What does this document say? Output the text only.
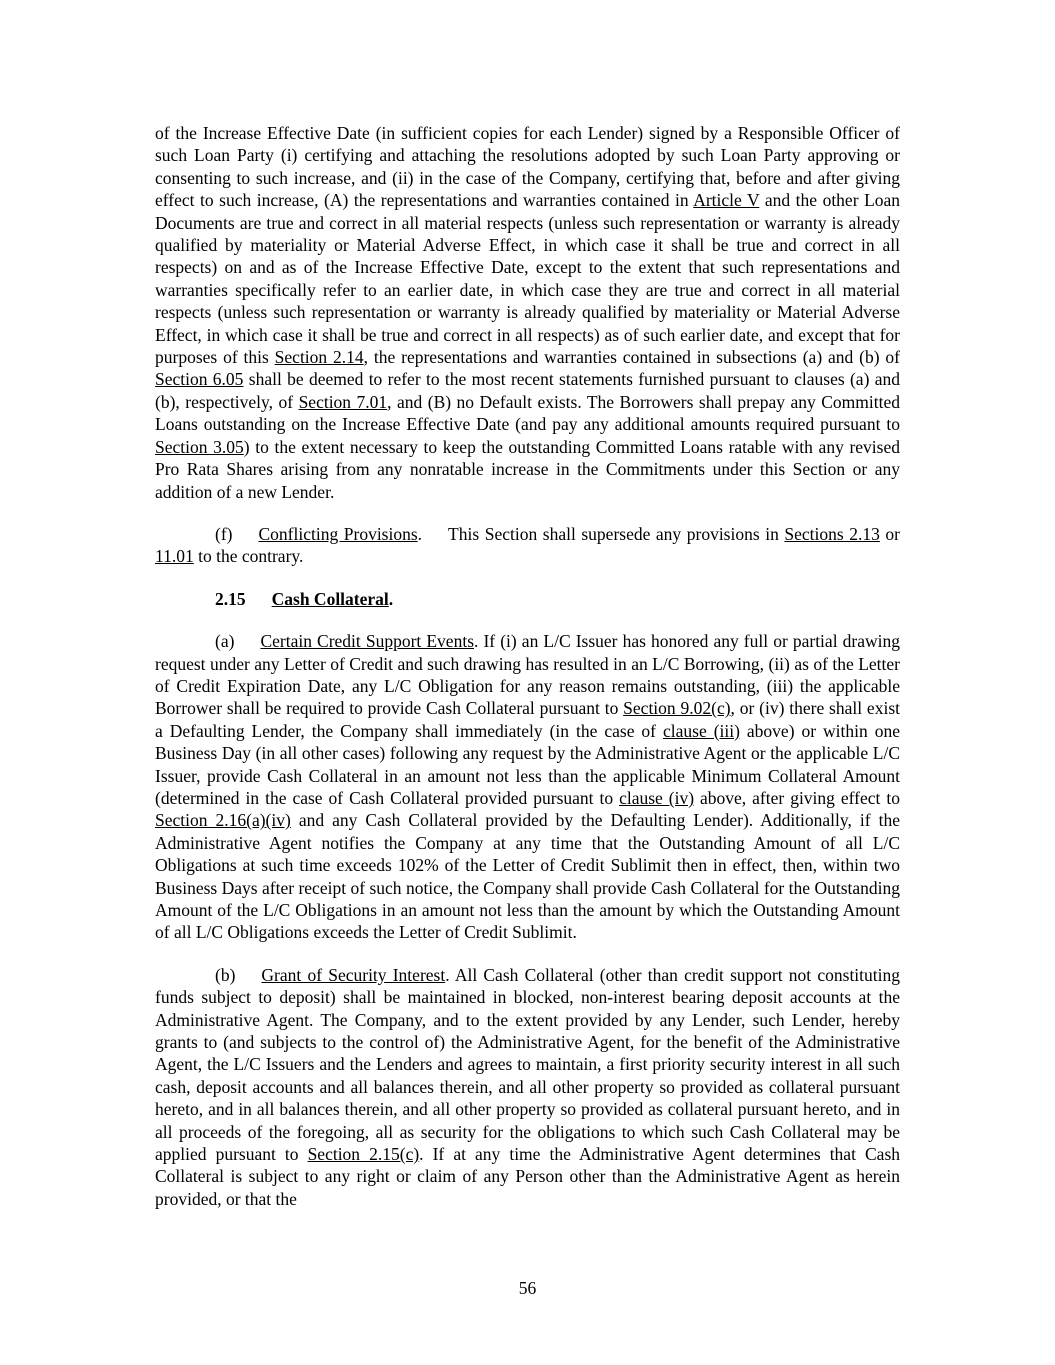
of the Increase Effective Date (in sufficient copies for each Lender) signed by a Responsible Officer of such Loan Party (i) certifying and attaching the resolutions adopted by such Loan Party approving or consenting to such increase, and (ii) in the case of the Company, certifying that, before and after giving effect to such increase, (A) the representations and warranties contained in Article V and the other Loan Documents are true and correct in all material respects (unless such representation or warranty is already qualified by materiality or Material Adverse Effect, in which case it shall be true and correct in all respects) on and as of the Increase Effective Date, except to the extent that such representations and warranties specifically refer to an earlier date, in which case they are true and correct in all material respects (unless such representation or warranty is already qualified by materiality or Material Adverse Effect, in which case it shall be true and correct in all respects) as of such earlier date, and except that for purposes of this Section 2.14, the representations and warranties contained in subsections (a) and (b) of Section 6.05 shall be deemed to refer to the most recent statements furnished pursuant to clauses (a) and (b), respectively, of Section 7.01, and (B) no Default exists. The Borrowers shall prepay any Committed Loans outstanding on the Increase Effective Date (and pay any additional amounts required pursuant to Section 3.05) to the extent necessary to keep the outstanding Committed Loans ratable with any revised Pro Rata Shares arising from any nonratable increase in the Commitments under this Section or any addition of a new Lender.

(f) Conflicting Provisions. This Section shall supersede any provisions in Sections 2.13 or 11.01 to the contrary.

2.15 Cash Collateral.

(a) Certain Credit Support Events. If (i) an L/C Issuer has honored any full or partial drawing request under any Letter of Credit and such drawing has resulted in an L/C Borrowing, (ii) as of the Letter of Credit Expiration Date, any L/C Obligation for any reason remains outstanding, (iii) the applicable Borrower shall be required to provide Cash Collateral pursuant to Section 9.02(c), or (iv) there shall exist a Defaulting Lender, the Company shall immediately (in the case of clause (iii) above) or within one Business Day (in all other cases) following any request by the Administrative Agent or the applicable L/C Issuer, provide Cash Collateral in an amount not less than the applicable Minimum Collateral Amount (determined in the case of Cash Collateral provided pursuant to clause (iv) above, after giving effect to Section 2.16(a)(iv) and any Cash Collateral provided by the Defaulting Lender). Additionally, if the Administrative Agent notifies the Company at any time that the Outstanding Amount of all L/C Obligations at such time exceeds 102% of the Letter of Credit Sublimit then in effect, then, within two Business Days after receipt of such notice, the Company shall provide Cash Collateral for the Outstanding Amount of the L/C Obligations in an amount not less than the amount by which the Outstanding Amount of all L/C Obligations exceeds the Letter of Credit Sublimit.

(b) Grant of Security Interest. All Cash Collateral (other than credit support not constituting funds subject to deposit) shall be maintained in blocked, non-interest bearing deposit accounts at the Administrative Agent. The Company, and to the extent provided by any Lender, such Lender, hereby grants to (and subjects to the control of) the Administrative Agent, for the benefit of the Administrative Agent, the L/C Issuers and the Lenders and agrees to maintain, a first priority security interest in all such cash, deposit accounts and all balances therein, and all other property so provided as collateral pursuant hereto, and in all balances therein, and all other property so provided as collateral pursuant hereto, and in all proceeds of the foregoing, all as security for the obligations to which such Cash Collateral may be applied pursuant to Section 2.15(c). If at any time the Administrative Agent determines that Cash Collateral is subject to any right or claim of any Person other than the Administrative Agent as herein provided, or that the

56
